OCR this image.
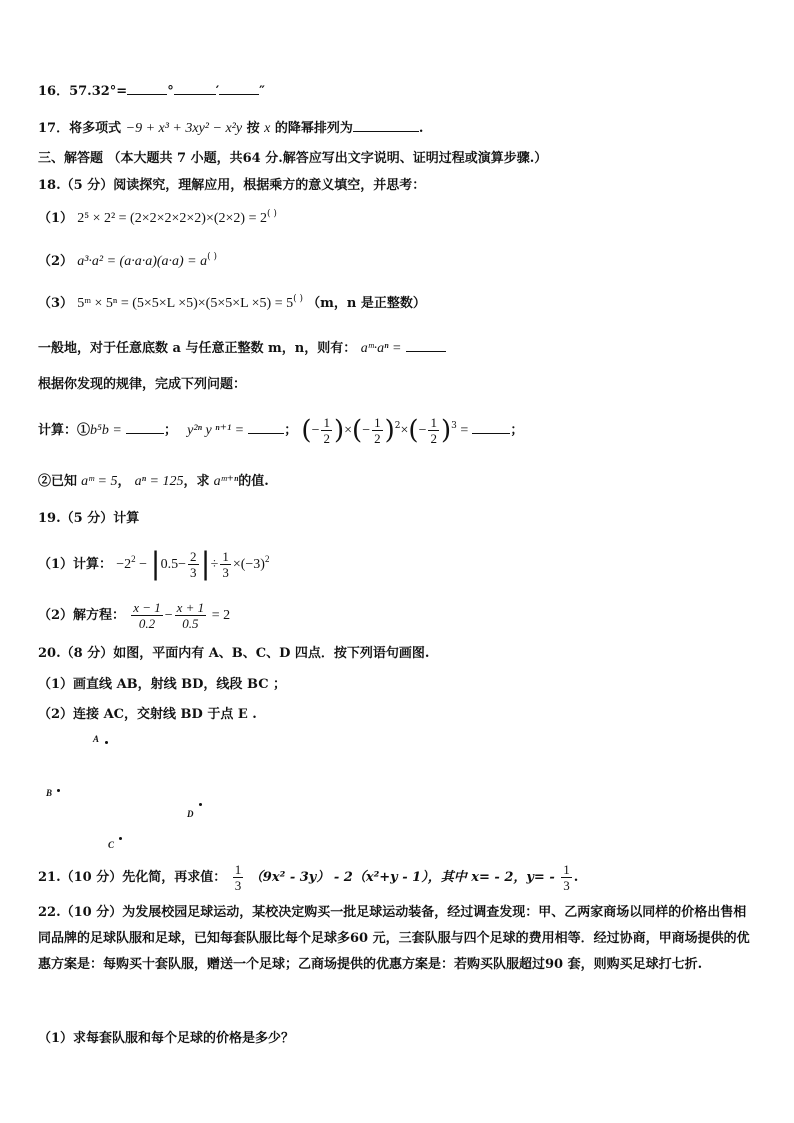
16．57.32°=	°	′	″
17．将多项式 −9 + x³ + 3xy² − x²y 按 x 的降幂排列为	.
三、解答题 （本大题共 7 小题，共64 分.解答应写出文字说明、证明过程或演算步骤.）
18.（5 分）阅读探究，理解应用，根据乘方的意义填空，并思考：
（1） 2⁵ × 2² = (2×2×2×2×2)×(2×2) = 2( )
（2） a³·a² = (a·a·a)(a·a) = a( )
（3） 5ᵐ × 5ⁿ = (5×5×L ×5)×(5×5×L ×5) = 5( ) （m，n 是正整数）
一般地，对于任意底数 a 与任意正整数 m，n，则有： aᵐ·aⁿ =
根据你发现的规律，完成下列问题：
计算：①b⁵b =	； y²ⁿ y ⁿ⁺¹ =	； (− $\frac{1}{2}$ )×(− $\frac{1}{2} )^2\times(- \frac{1}{2} )^3$ =	；
②已知 aᵐ = 5， aⁿ = 125，求 aᵐ⁺ⁿ的值.
19.（5 分）计算
（1）计算： $-2^2 - |0.5- \frac{2}{3}$ |÷ $\frac{1}{3} \times(-3)^2$
（2）解方程： $\frac{x - 1}{0.2} - \frac{x + 1}{0.5} = 2$
20.（8 分）如图，平面内有 A、B、C、D 四点．按下列语句画图.
（1）画直线 AB，射线 BD，线段 BC ；
（2）连接 AC，交射线 BD 于点 E .
A
B
D
C
21.（10 分）先化简，再求值： $\frac{1}{3} (9x^2 - 3y) - 2(x^2+y - 1)$，其中 x= - 2，$y= - \frac{1}{3}$ .
22.（10 分）为发展校园足球运动，某校决定购买一批足球运动装备，经过调查发现：甲、乙两家商场以同样的价格出售相同品牌的足球队服和足球，已知每套队服比每个足球多60 元，三套队服与四个足球的费用相等．经过协商，甲商场提供的优惠方案是：每购买十套队服，赠送一个足球；乙商场提供的优惠方案是：若购买队服超过90 套，则购买足球打七折.
（1）求每套队服和每个足球的价格是多少？
